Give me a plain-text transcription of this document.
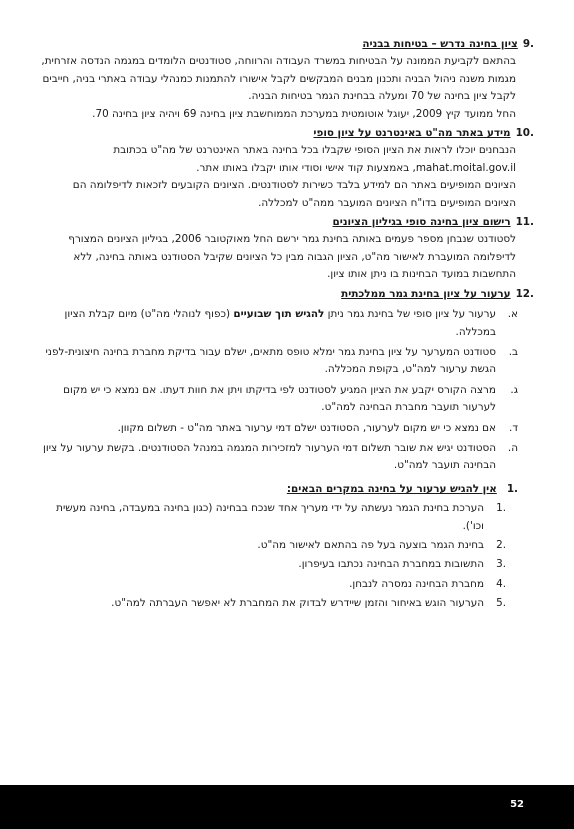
.9
ציון בחינה נדרש – בטיחות בבניה
בהתאם לקביעת הממונה על הבטיחות במשרד העבודה והרווחה, סטודנטים הלומדים במגמה הנדסה אזרחית, מגמות משנה ניהול הבניה ותכנון מבנים המבקשים לקבל אישורו להתמנות כמנהלי עבודה באתרי בניה, חייבים לקבל ציון בחינה של 70 ומעלה בבחינת הגמר בטיחות הבניה.
החל ממועד קיץ 2009, יעוגל אוטומטית במערכת הממוחשבת ציון בחינה 69 ויהיה ציון בחינה 70.
.10
מידע באתר מה"ט באינטרנט על ציון סופי
הנבחנים יוכלו לראות את הציון הסופי שקבלו בכל בחינה באתר האינטרנט של מה"ט בכתובת mahat.moital.gov.il, באמצעות קוד אישי וסודי אותו יקבלו באותו אתר.
הציונים המופיעים באתר הם למידע בלבד כשירות לסטודנטים. הציונים הקובעים לזכאות לדיפלומה הם הציונים המופיעים בדו"ח הציונים המועבר ממה"ט למכללה.
.11
רישום ציון בחינה סופי בגיליון הציונים
לסטודנט שנבחן מספר פעמים באותה בחינת גמר ירשם החל מאוקטובר 2006, בגיליון הציונים המצורף לדיפלומה המועברת לאישור מה"ט, הציון הגבוה מבין כל הציונים שקיבל הסטודנט באותה בחינה, ללא התחשבות במועד הבחינות בו ניתן אותו ציון.
.12
ערעור על ציון בחינת גמר ממלכתית
א.
ערעור על ציון סופי של בחינת גמר ניתן להגיש תוך שבועיים (כפוף לנוהלי מה"ט) מיום קבלת הציון במכללה.
ב.
סטודנט המערער על ציון בחינת גמר ימלא טופס מתאים, ישלם עבור בדיקת מחברת בחינה חיצונית-לפני הגשת ערעור למה"ט, בקופת המכללה.
ג.
מרצה הקורס יקבע את הציון המגיע לסטודנט לפי בדיקתו ויתן את חוות דעתו. אם נמצא כי יש מקום לערעור תועבר מחברת הבחינה למה"ט.
ד.
אם נמצא כי יש מקום לערעור, הסטודנט ישלם דמי ערעור באתר מה"ט - תשלום מקוון.
ה.
הסטודנט יגיש את שובר תשלום דמי הערעור למזכירות המגמה במנהל הסטודנטים. בקשת ערעור על ציון הבחינה תועבר למה"ט.
.1
אין להגיש ערעור על בחינה במקרים הבאים:
.1
הערכת בחינת הגמר נעשתה על ידי מעריך אחד שנכח בבחינה (כגון בחינה במעבדה, בחינה מעשית וכו').
.2
בחינת הגמר בוצעה בעל פה בהתאם לאישור מה"ט.
.3
התשובות במחברת הבחינה נכתבו בעיפרון.
.4
מחברת הבחינה נמסרה לנבחן.
.5
הערעור הוגש באיחור והזמן שיידרש לבדוק את המחברת לא יאפשר העברתה למה"ט.
52
